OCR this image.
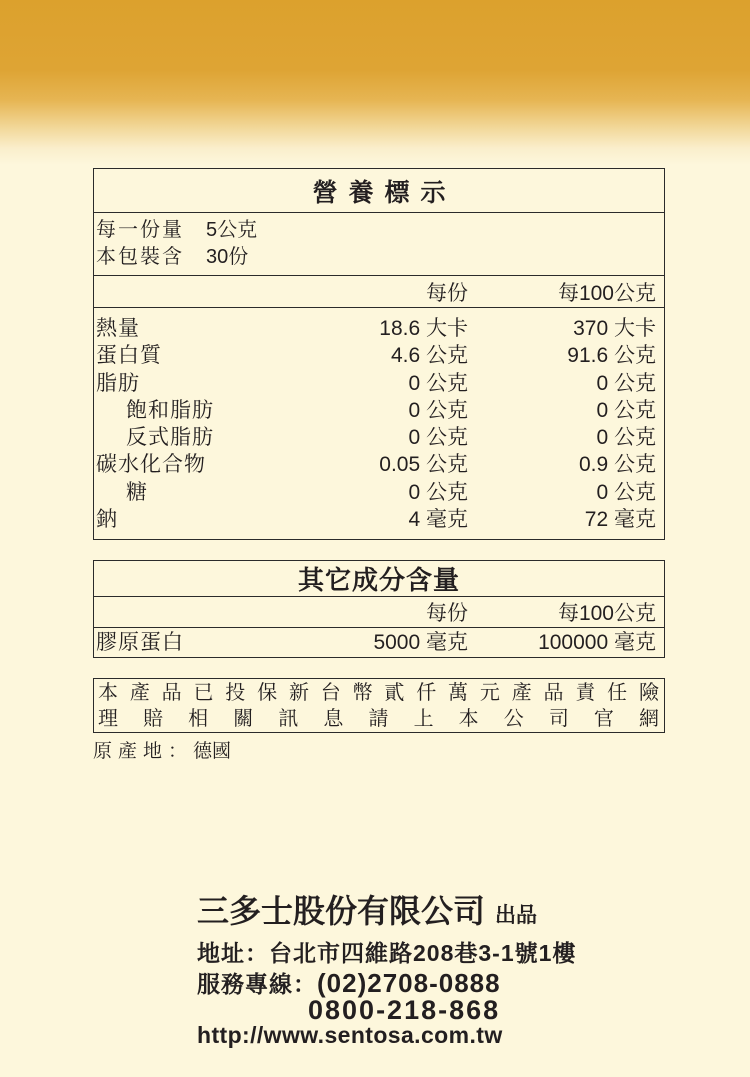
營養標示
每一份量	5公克
本包裝含	30份
每份	每100公克
熱量	18.6 大卡	370 大卡
蛋白質	4.6 公克	91.6 公克
脂肪	0 公克	0 公克
飽和脂肪	0 公克	0 公克
反式脂肪	0 公克	0 公克
碳水化合物	0.05 公克	0.9 公克
糖	0 公克	0 公克
鈉	4 毫克	72 毫克
其它成分含量
每份	每100公克
膠原蛋白	5000 毫克	100000 毫克
本產品已投保新台幣貳仟萬元產品責任險
理賠相關訊息請上本公司官網
原產地：德國
三多士股份有限公司 出品
地址：台北市四維路208巷3-1號1樓
服務專線：(02)2708-0888
0800-218-868
http://www.sentosa.com.tw
